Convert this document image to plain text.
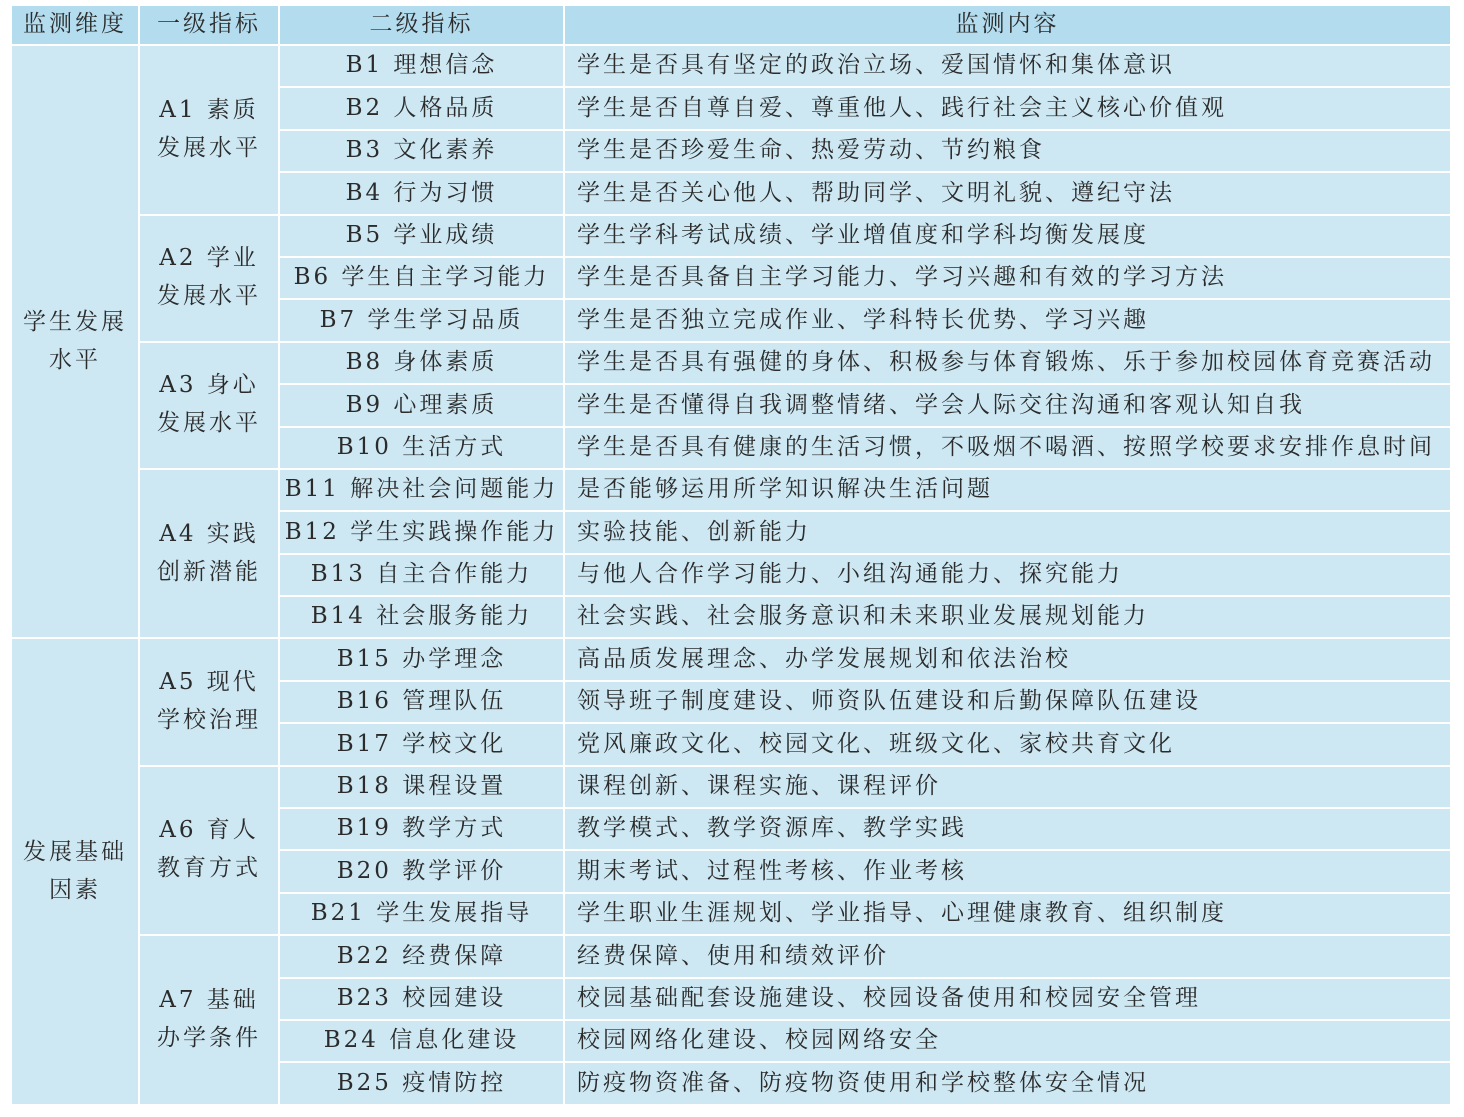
监测维度	一级指标	二级指标	监测内容
学生发展水平	A1 素质发展水平	B1 理想信念	学生是否具有坚定的政治立场、爱国情怀和集体意识
		B2 人格品质	学生是否自尊自爱、尊重他人、践行社会主义核心价值观
		B3 文化素养	学生是否珍爱生命、热爱劳动、节约粮食
		B4 行为习惯	学生是否关心他人、帮助同学、文明礼貌、遵纪守法
	A2 学业发展水平	B5 学业成绩	学生学科考试成绩、学业增值度和学科均衡发展度
		B6 学生自主学习能力	学生是否具备自主学习能力、学习兴趣和有效的学习方法
		B7 学生学习品质	学生是否独立完成作业、学科特长优势、学习兴趣
	A3 身心发展水平	B8 身体素质	学生是否具有强健的身体、积极参与体育锻炼、乐于参加校园体育竞赛活动
		B9 心理素质	学生是否懂得自我调整情绪、学会人际交往沟通和客观认知自我
		B10 生活方式	学生是否具有健康的生活习惯，不吸烟不喝酒、按照学校要求安排作息时间
	A4 实践创新潜能	B11 解决社会问题能力	是否能够运用所学知识解决生活问题
		B12 学生实践操作能力	实验技能、创新能力
		B13 自主合作能力	与他人合作学习能力、小组沟通能力、探究能力
		B14 社会服务能力	社会实践、社会服务意识和未来职业发展规划能力
发展基础因素	A5 现代学校治理	B15 办学理念	高品质发展理念、办学发展规划和依法治校
		B16 管理队伍	领导班子制度建设、师资队伍建设和后勤保障队伍建设
		B17 学校文化	党风廉政文化、校园文化、班级文化、家校共育文化
	A6 育人教育方式	B18 课程设置	课程创新、课程实施、课程评价
		B19 教学方式	教学模式、教学资源库、教学实践
		B20 教学评价	期末考试、过程性考核、作业考核
		B21 学生发展指导	学生职业生涯规划、学业指导、心理健康教育、组织制度
	A7 基础办学条件	B22 经费保障	经费保障、使用和绩效评价
		B23 校园建设	校园基础配套设施建设、校园设备使用和校园安全管理
		B24 信息化建设	校园网络化建设、校园网络安全
		B25 疫情防控	防疫物资准备、防疫物资使用和学校整体安全情况
